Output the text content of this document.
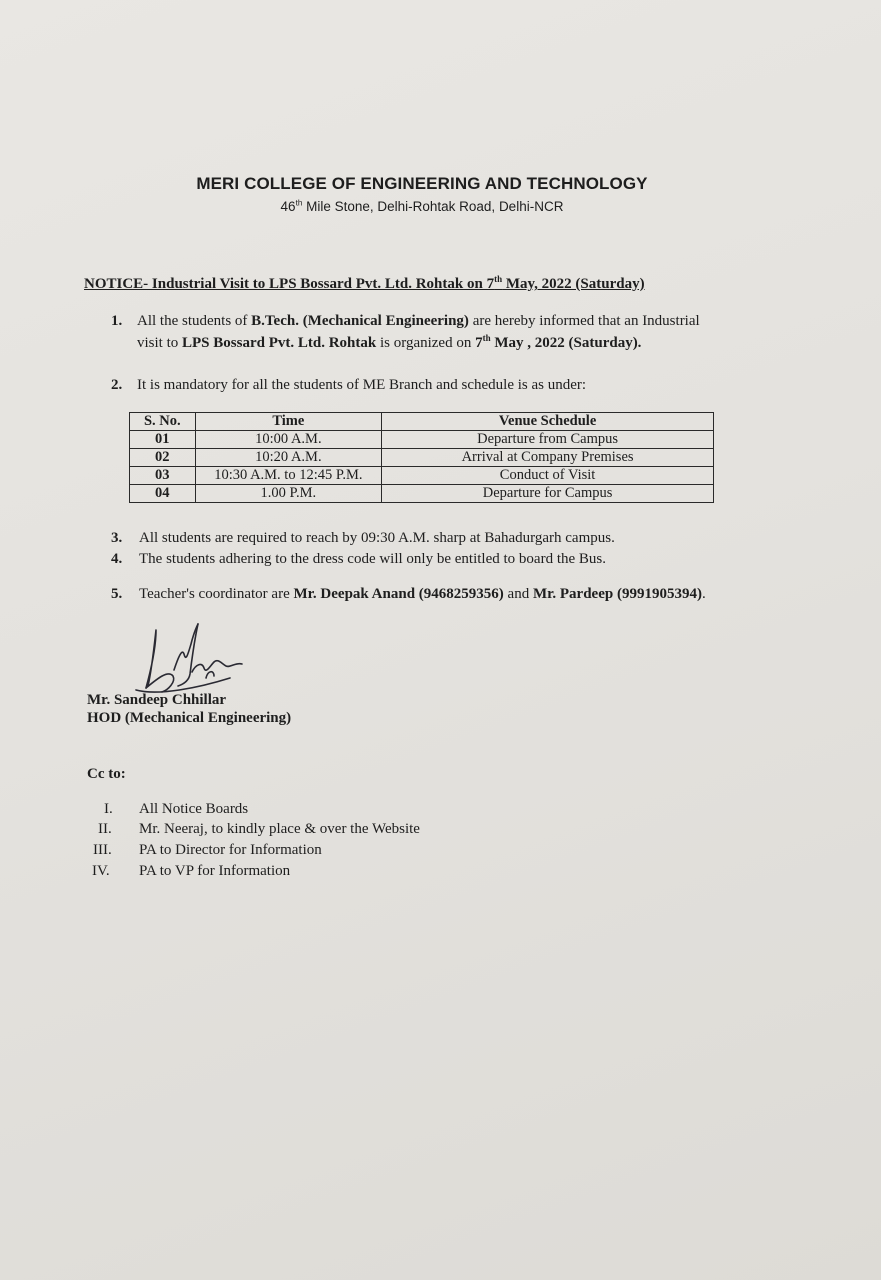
MERI COLLEGE OF ENGINEERING AND TECHNOLOGY
46th Mile Stone, Delhi-Rohtak Road, Delhi-NCR
NOTICE- Industrial Visit to LPS Bossard Pvt. Ltd. Rohtak on 7th May, 2022 (Saturday)
1. All the students of B.Tech. (Mechanical Engineering) are hereby informed that an Industrial
visit to LPS Bossard Pvt. Ltd. Rohtak is organized on 7th May , 2022 (Saturday).
2. It is mandatory for all the students of ME Branch and schedule is as under:
S. No.	Time	Venue Schedule
01	10:00 A.M.	Departure from Campus
02	10:20 A.M.	Arrival at Company Premises
03	10:30 A.M. to 12:45 P.M.	Conduct of Visit
04	1.00 P.M.	Departure for Campus
3. All students are required to reach by 09:30 A.M. sharp at Bahadurgarh campus.
4. The students adhering to the dress code will only be entitled to board the Bus.
5. Teacher's coordinator are Mr. Deepak Anand (9468259356) and Mr. Pardeep (9991905394).
Mr. Sandeep Chhillar
HOD (Mechanical Engineering)
Cc to:
I. All Notice Boards
II. Mr. Neeraj, to kindly place & over the Website
III. PA to Director for Information
IV. PA to VP for Information
